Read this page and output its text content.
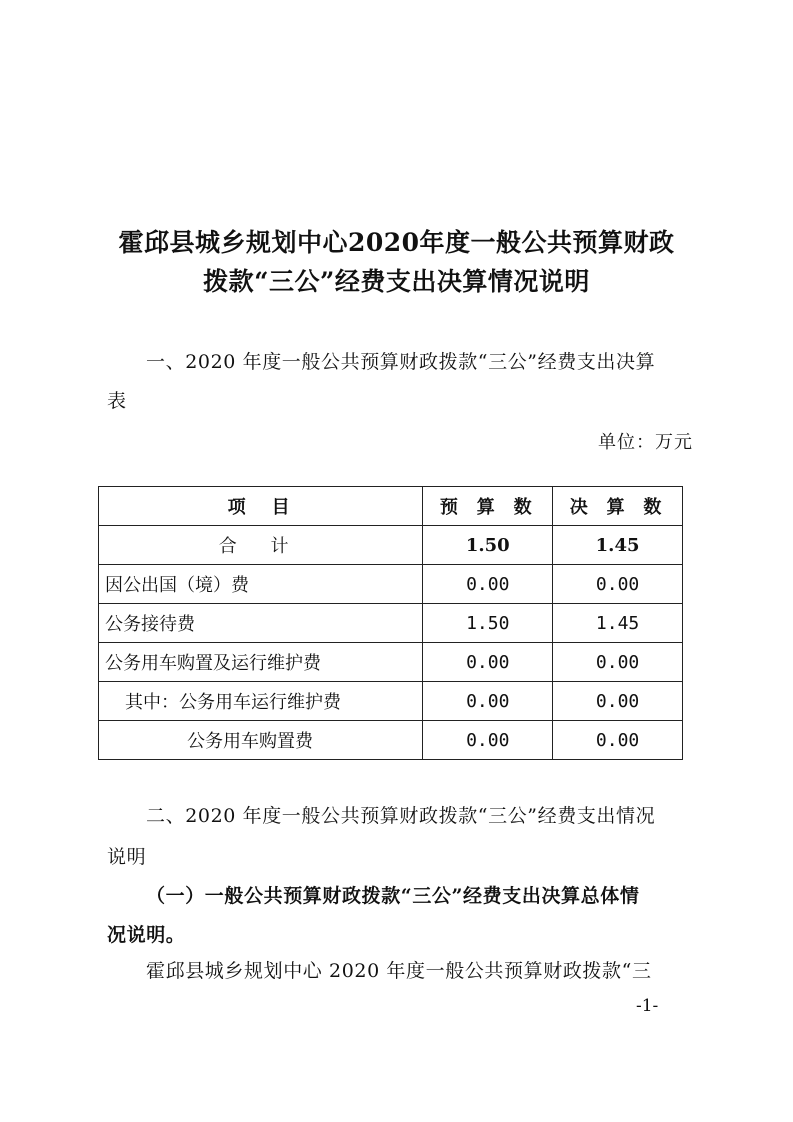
霍邱县城乡规划中心2020年度一般公共预算财政
拨款“三公”经费支出决算情况说明
一、2020 年度一般公共预算财政拨款“三公”经费支出决算
表
单位：万元
项　目	预 算 数	决 算 数
合 计	1.50	1.45
因公出国（境）费	0.00	0.00
公务接待费	1.50	1.45
公务用车购置及运行维护费	0.00	0.00
其中：公务用车运行维护费	0.00	0.00
公务用车购置费	0.00	0.00
二、2020 年度一般公共预算财政拨款“三公”经费支出情况
说明
（一）一般公共预算财政拨款“三公”经费支出决算总体情
况说明。
霍邱县城乡规划中心 2020 年度一般公共预算财政拨款“三
-1-
